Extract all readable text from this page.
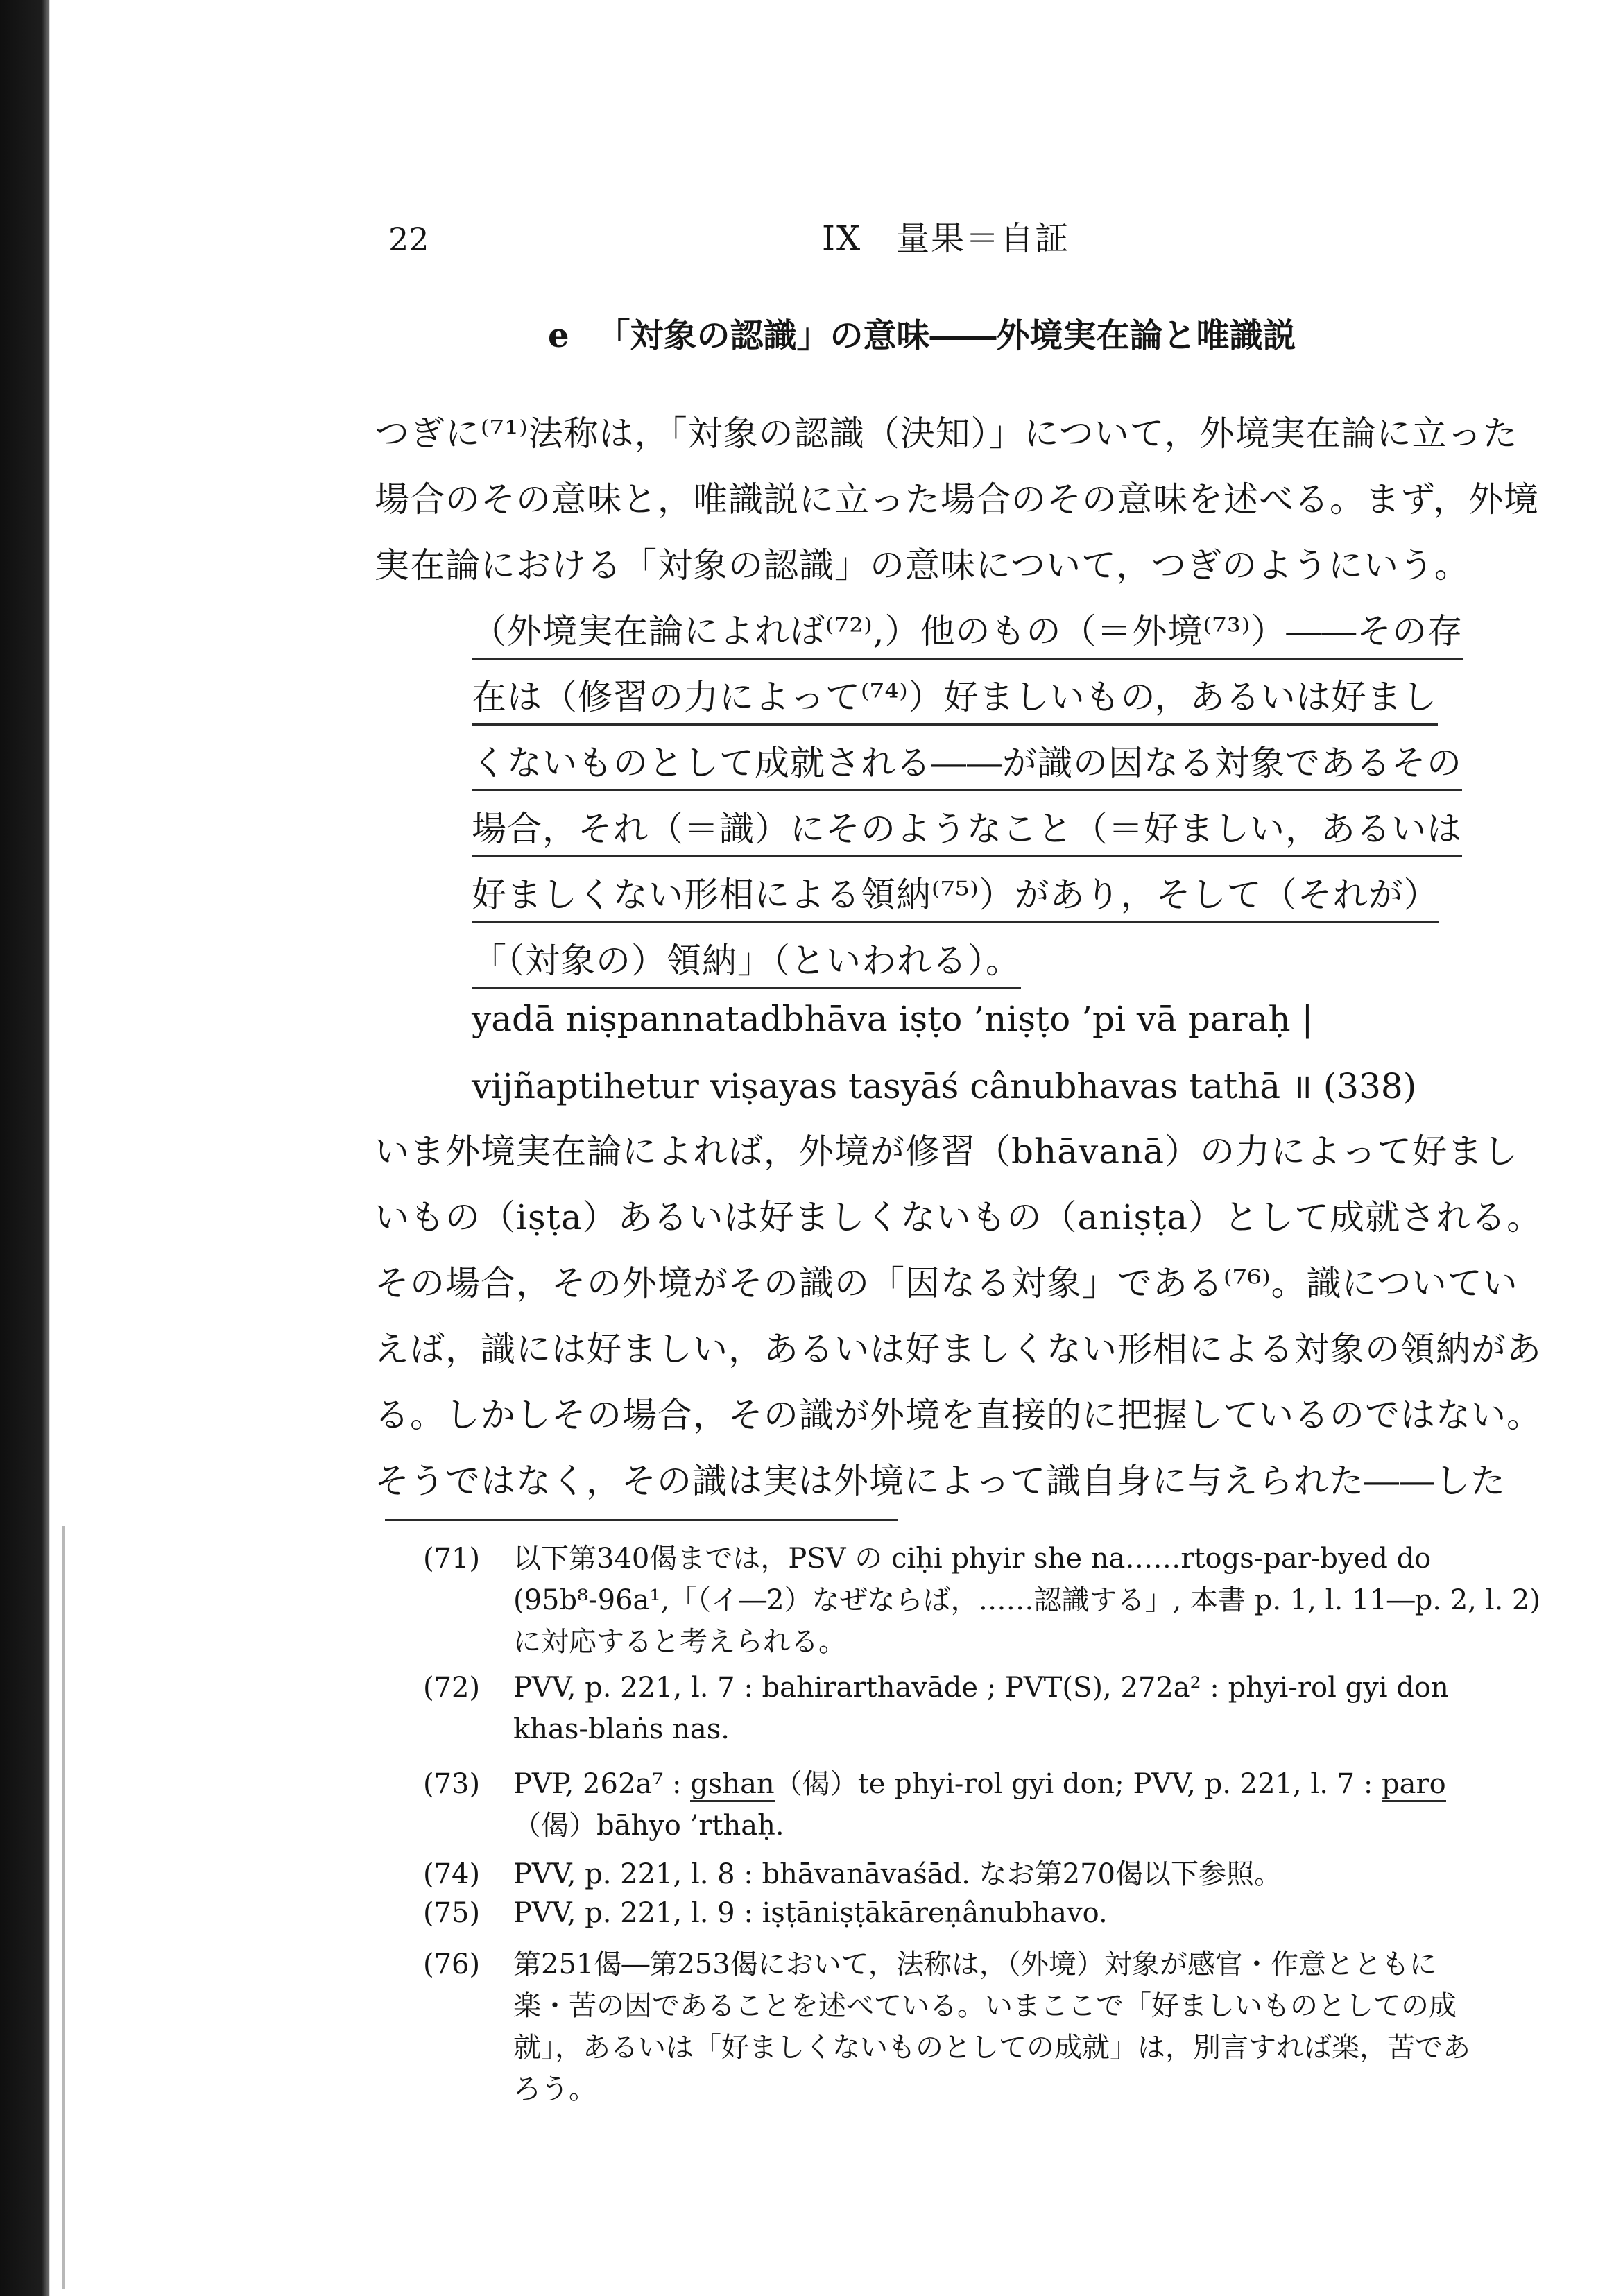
22	IX　量果＝自証
e 「対象の認識」の意味――外境実在論と唯識説
つぎに⁽⁷¹⁾法称は，「対象の認識（決知）」について，外境実在論に立った
場合のその意味と，唯識説に立った場合のその意味を述べる。まず，外境
実在論における「対象の認識」の意味について，つぎのようにいう。
（外境実在論によれば⁽⁷²⁾,）他のもの（＝外境⁽⁷³⁾）――その存
在は（修習の力によって⁽⁷⁴⁾）好ましいもの，あるいは好まし
くないものとして成就される――が識の因なる対象であるその
場合，それ（＝識）にそのようなこと（＝好ましい，あるいは
好ましくない形相による領納⁽⁷⁵⁾）があり，そして（それが）
「（対象の）領納」（といわれる）。
yadā niṣpannatadbhāva iṣṭo ’niṣṭo ’pi vā paraḥ |
vijñaptihetur viṣayas tasyāś cânubhavas tathā ॥ (338)
いま外境実在論によれば，外境が修習（bhāvanā）の力によって好まし
いもの（iṣṭa）あるいは好ましくないもの（aniṣṭa）として成就される。
その場合，その外境がその識の「因なる対象」である⁽⁷⁶⁾。識についてい
えば，識には好ましい，あるいは好ましくない形相による対象の領納があ
る。しかしその場合，その識が外境を直接的に把握しているのではない。
そうではなく，その識は実は外境によって識自身に与えられた――した
(71) 以下第340偈までは，PSV の ciḥi phyir she na……rtogs-par-byed do
(95b⁸-96a¹,「（イ―2）なぜならば，……認識する」, 本書 p. 1, l. 11―p. 2, l. 2)
に対応すると考えられる。
(72) PVV, p. 221, l. 7 : bahirarthavāde ; PVT(S), 272a² : phyi-rol gyi don
khas-blaṅs nas.
(73) PVP, 262a⁷ : gshan（偈）te phyi-rol gyi don; PVV, p. 221, l. 7 : paro
（偈）bāhyo ’rthaḥ.
(74) PVV, p. 221, l. 8 : bhāvanāvaśād. なお第270偈以下参照。
(75) PVV, p. 221, l. 9 : iṣṭāniṣṭākāreṇânubhavo.
(76) 第251偈―第253偈において，法称は，（外境）対象が感官・作意とともに
楽・苦の因であることを述べている。いまここで「好ましいものとしての成
就」，あるいは「好ましくないものとしての成就」は，別言すれば楽，苦であ
ろう。
